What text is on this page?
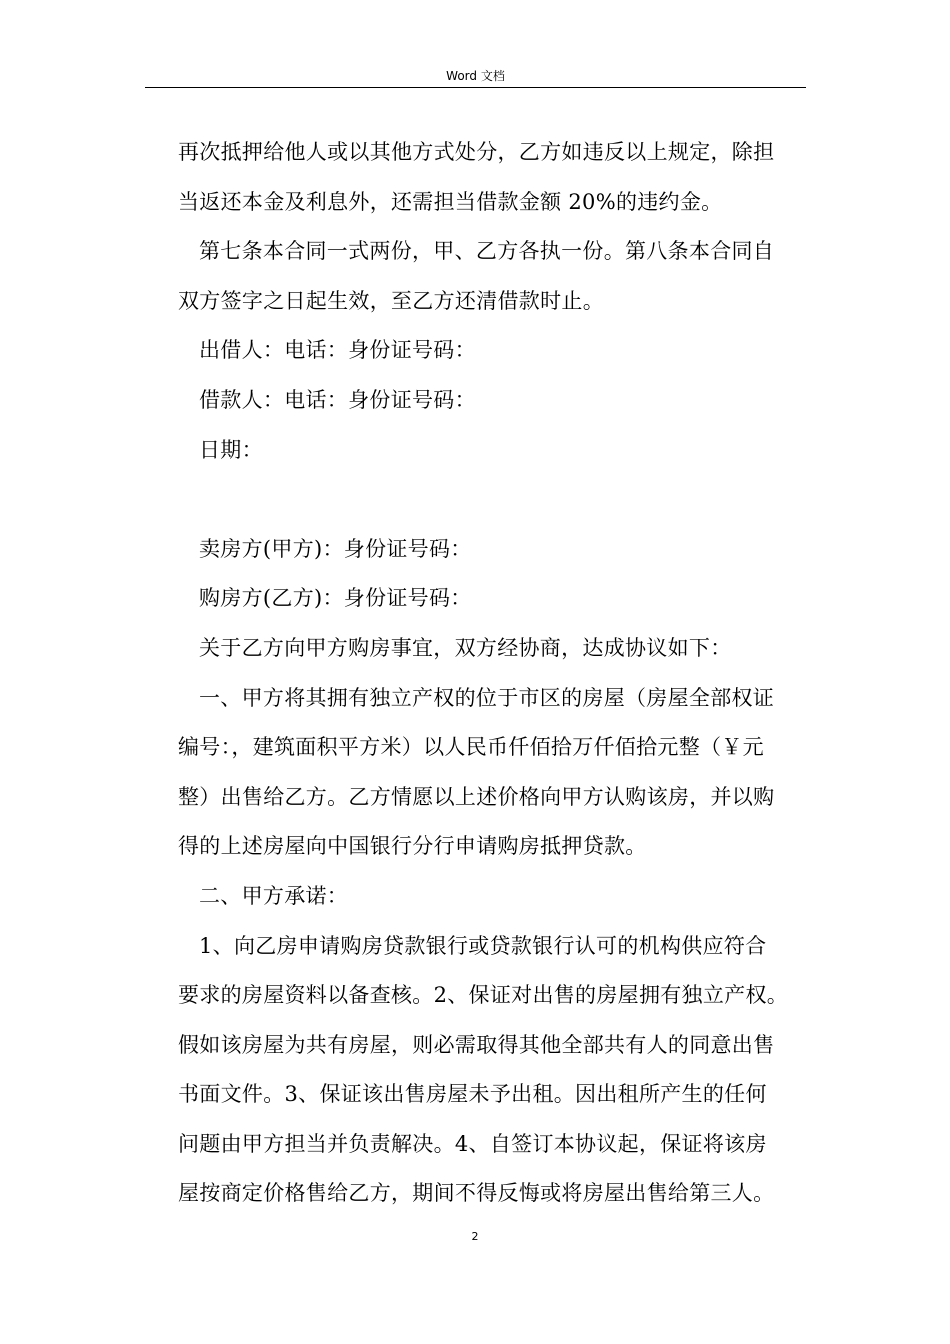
Word 文档
再次抵押给他人或以其他方式处分，乙方如违反以上规定，除担
当返还本金及利息外，还需担当借款金额 20%的违约金。
第七条本合同一式两份，甲、乙方各执一份。第八条本合同自
双方签字之日起生效，至乙方还清借款时止。
出借人：电话：身份证号码：
借款人：电话：身份证号码：
日期：
卖房方(甲方)：身份证号码：
购房方(乙方)：身份证号码：
关于乙方向甲方购房事宜，双方经协商，达成协议如下：
一、甲方将其拥有独立产权的位于市区的房屋（房屋全部权证
编号：，建筑面积平方米）以人民币仟佰拾万仟佰拾元整（￥元
整）出售给乙方。乙方情愿以上述价格向甲方认购该房，并以购
得的上述房屋向中国银行分行申请购房抵押贷款。
二、甲方承诺：
1、向乙房申请购房贷款银行或贷款银行认可的机构供应符合
要求的房屋资料以备查核。2、保证对出售的房屋拥有独立产权。
假如该房屋为共有房屋，则必需取得其他全部共有人的同意出售
书面文件。3、保证该出售房屋未予出租。因出租所产生的任何
问题由甲方担当并负责解决。4、自签订本协议起，保证将该房
屋按商定价格售给乙方，期间不得反悔或将房屋出售给第三人。
2
